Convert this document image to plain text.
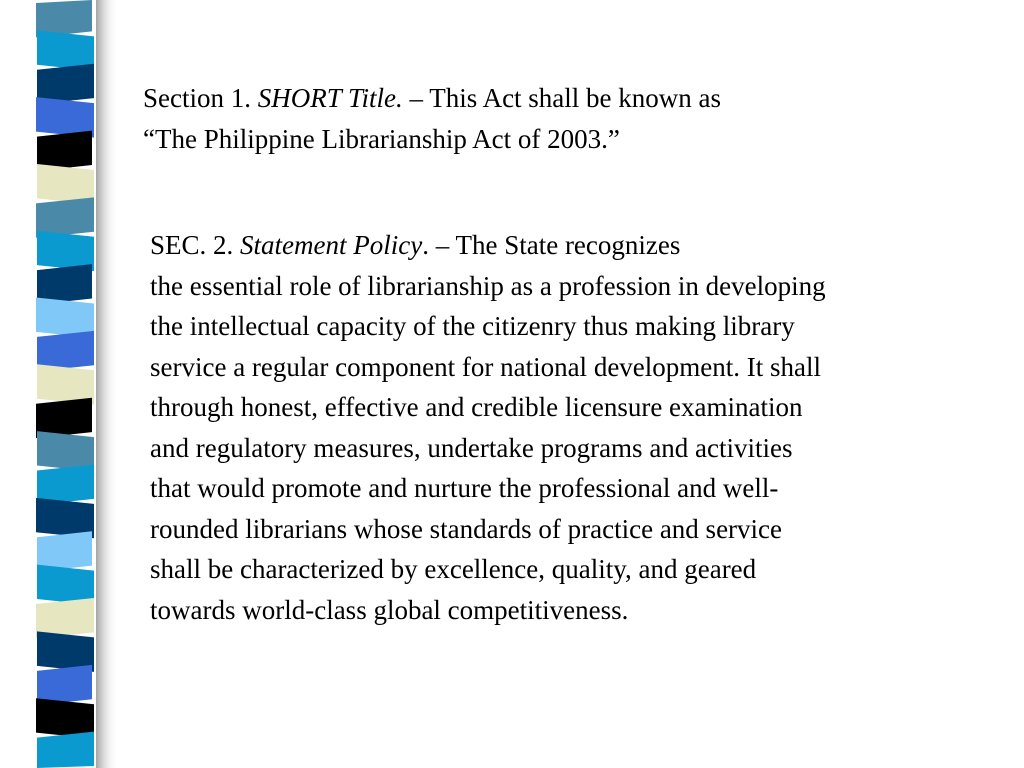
Section 1. SHORT Title. – This Act shall be known as
“The Philippine Librarianship Act of 2003.”
SEC. 2. Statement Policy. – The State recognizes
the essential role of librarianship as a profession in developing
the intellectual capacity of the citizenry thus making library
service a regular component for national development. It shall
through honest, effective and credible licensure examination
and regulatory measures, undertake programs and activities
that would promote and nurture the professional and well-
rounded librarians whose standards of practice and service
shall be characterized by excellence, quality, and geared
towards world-class global competitiveness.
